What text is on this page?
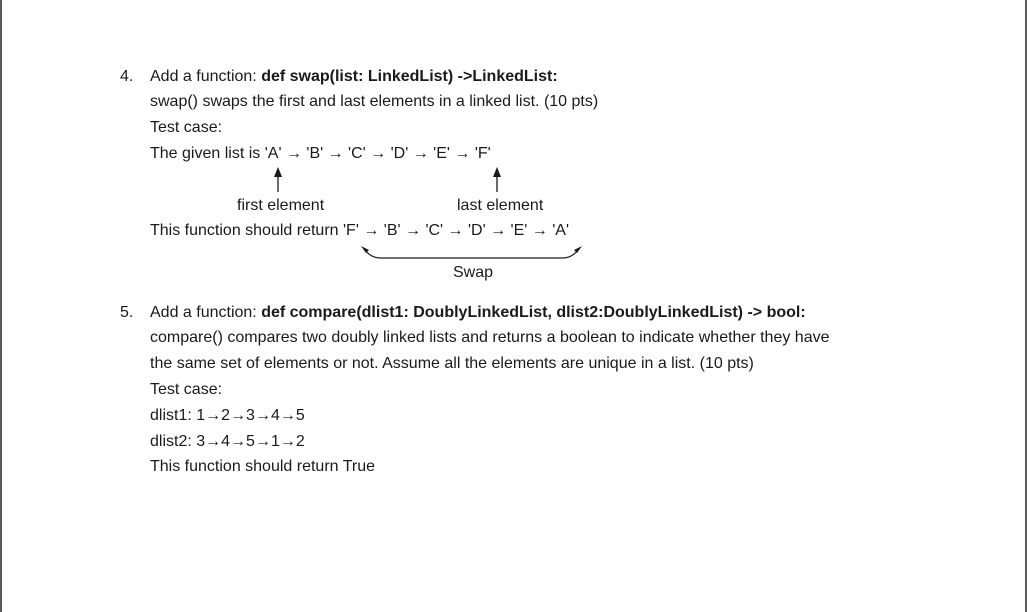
4. Add a function: def swap(list: LinkedList) ->LinkedList:
swap() swaps the first and last elements in a linked list. (10 pts)
Test case:
The given list is 'A' → 'B' → 'C' → 'D' → 'E' → 'F'
first element	last element
This function should return 'F' → 'B' → 'C' → 'D' → 'E' → 'A'
Swap
5. Add a function: def compare(dlist1: DoublyLinkedList, dlist2:DoublyLinkedList) -> bool:
compare() compares two doubly linked lists and returns a boolean to indicate whether they have
the same set of elements or not. Assume all the elements are unique in a list. (10 pts)
Test case:
dlist1: 1→2→3→4→5
dlist2: 3→4→5→1→2
This function should return True
